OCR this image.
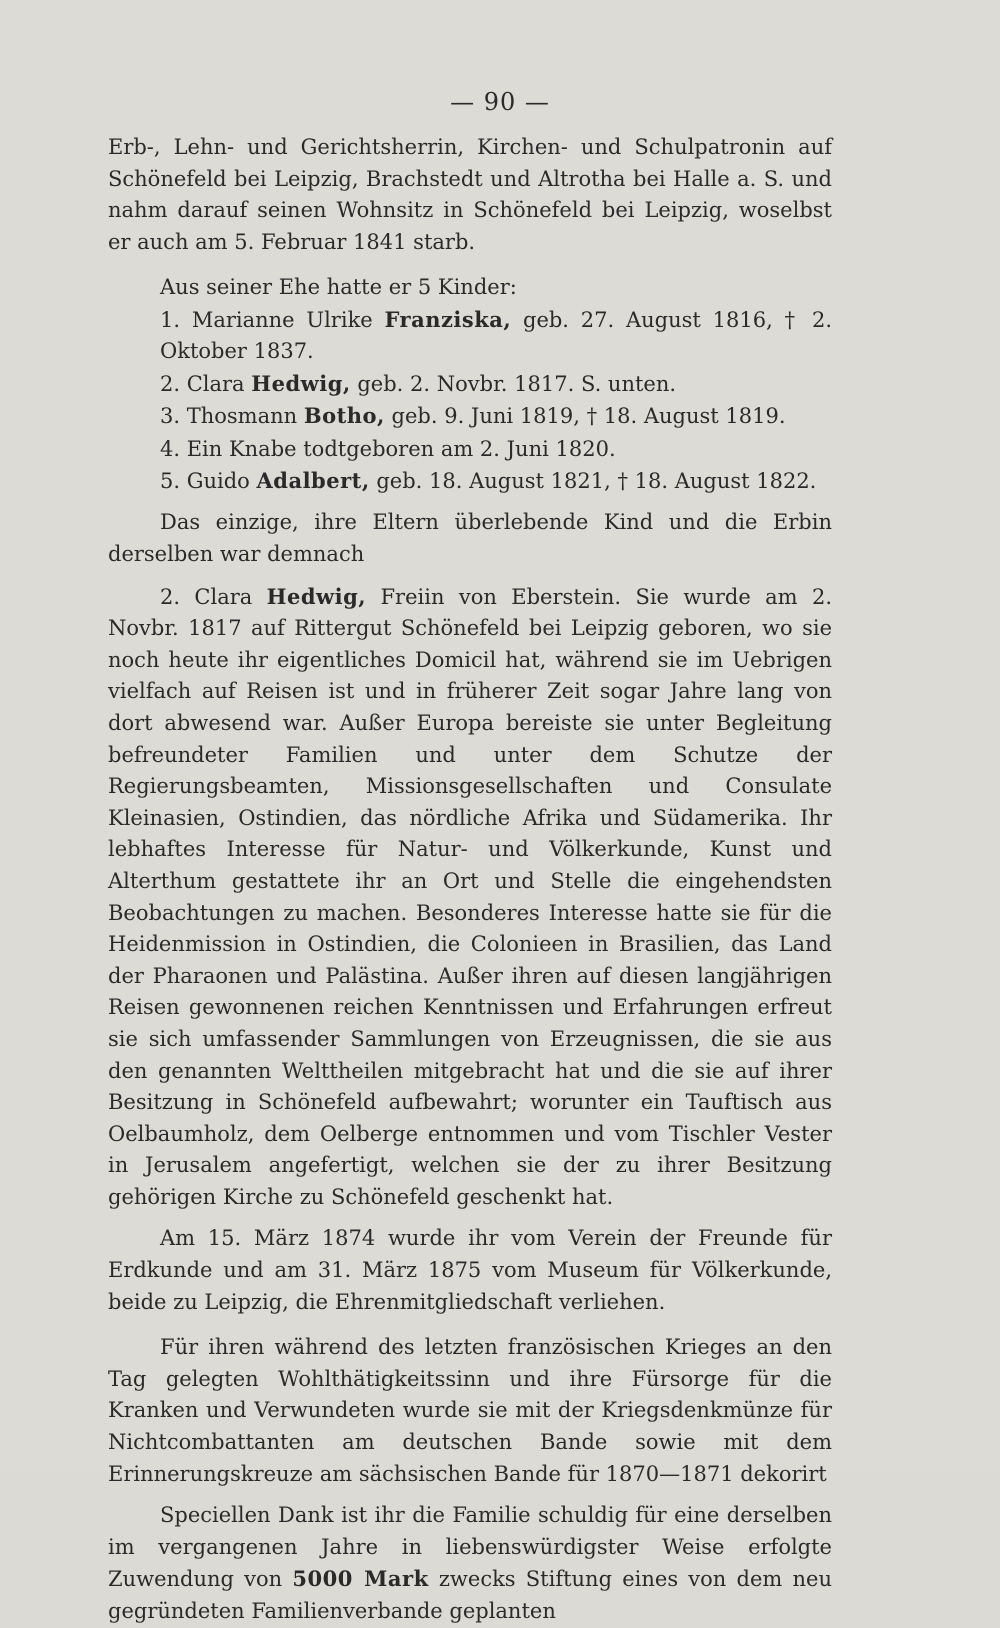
— 90 —

Erb-, Lehn- und Gerichtsherrin, Kirchen- und Schulpatronin auf Schönefeld bei Leipzig, Brachstedt und Altrotha bei Halle a. S. und nahm darauf seinen Wohnsitz in Schönefeld bei Leipzig, woselbst er auch am 5. Februar 1841 starb.

Aus seiner Ehe hatte er 5 Kinder:

1. Marianne Ulrike Franziska, geb. 27. August 1816, † 2. Oktober 1837.
2. Clara Hedwig, geb. 2. Novbr. 1817. S. unten.
3. Thosmann Botho, geb. 9. Juni 1819, † 18. August 1819.
4. Ein Knabe todtgeboren am 2. Juni 1820.
5. Guido Adalbert, geb. 18. August 1821, † 18. August 1822.

Das einzige, ihre Eltern überlebende Kind und die Erbin derselben war demnach

2. Clara Hedwig, Freiin von Eberstein. Sie wurde am 2. Novbr. 1817 auf Rittergut Schönefeld bei Leipzig geboren, wo sie noch heute ihr eigentliches Domicil hat, während sie im Uebrigen vielfach auf Reisen ist und in früherer Zeit sogar Jahre lang von dort abwesend war. Außer Europa bereiste sie unter Begleitung befreundeter Familien und unter dem Schutze der Regierungsbeamten, Missionsgesellschaften und Consulate Kleinasien, Ostindien, das nördliche Afrika und Südamerika. Ihr lebhaftes Interesse für Natur- und Völkerkunde, Kunst und Alterthum gestattete ihr an Ort und Stelle die eingehendsten Beobachtungen zu machen. Besonderes Interesse hatte sie für die Heidenmission in Ostindien, die Colonieen in Brasilien, das Land der Pharaonen und Palästina. Außer ihren auf diesen langjährigen Reisen gewonnenen reichen Kenntnissen und Erfahrungen erfreut sie sich umfassender Sammlungen von Erzeugnissen, die sie aus den genannten Welttheilen mitgebracht hat und die sie auf ihrer Besitzung in Schönefeld aufbewahrt; worunter ein Tauftisch aus Oelbaumholz, dem Oelberge entnommen und vom Tischler Vester in Jerusalem angefertigt, welchen sie der zu ihrer Besitzung gehörigen Kirche zu Schönefeld geschenkt hat.

Am 15. März 1874 wurde ihr vom Verein der Freunde für Erdkunde und am 31. März 1875 vom Museum für Völkerkunde, beide zu Leipzig, die Ehrenmitgliedschaft verliehen.

Für ihren während des letzten französischen Krieges an den Tag gelegten Wohlthätigkeitssinn und ihre Fürsorge für die Kranken und Verwundeten wurde sie mit der Kriegsdenkmünze für Nichtcombattanten am deutschen Bande sowie mit dem Erinnerungskreuze am sächsischen Bande für 1870—1871 dekorirt

Speciellen Dank ist ihr die Familie schuldig für eine derselben im vergangenen Jahre in liebenswürdigster Weise erfolgte Zuwendung von 5000 Mark zwecks Stiftung eines von dem neu gegründeten Familienverbande geplanten
